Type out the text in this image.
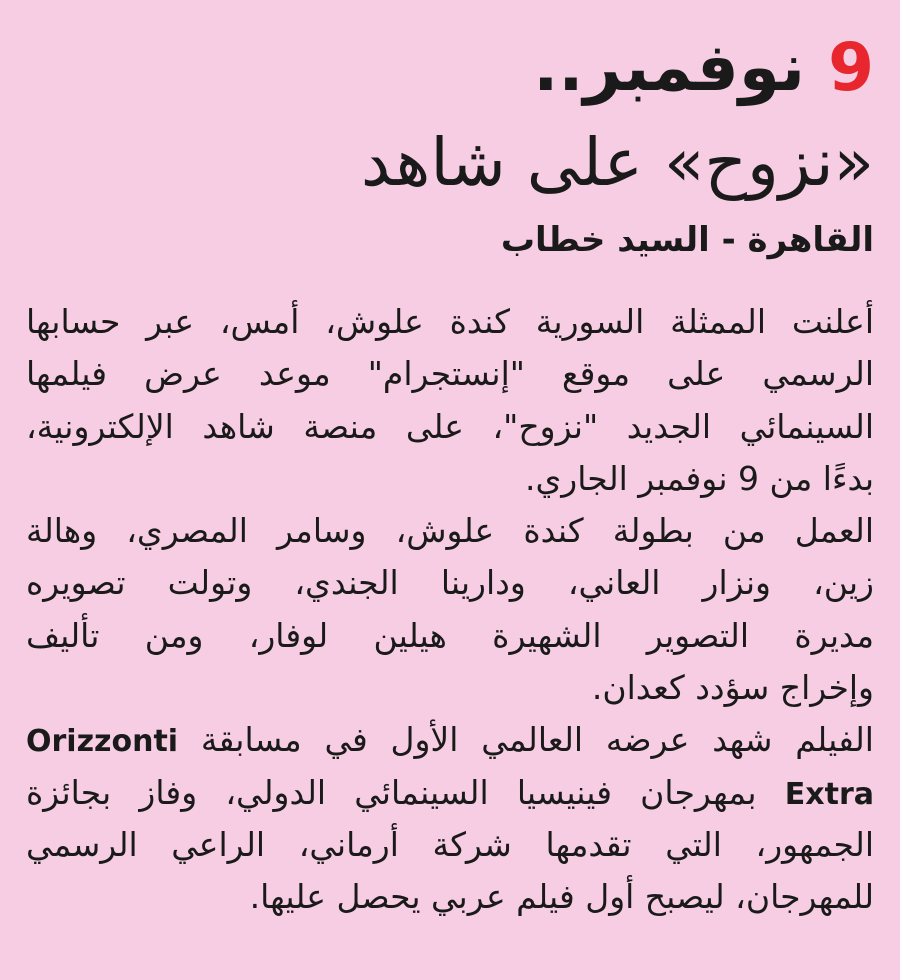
9 نوفمبر..
«نزوح» على شاهد
القاهرة - السيد خطاب

أعلنت الممثلة السورية كندة علوش، أمس، عبر حسابها
الرسمي على موقع "إنستجرام" موعد عرض فيلمها
السينمائي الجديد "نزوح"، على منصة شاهد الإلكترونية،
بدءًا من 9 نوفمبر الجاري.

العمل من بطولة كندة علوش، وسامر المصري، وهالة
زين، ونزار العاني، ودارينا الجندي، وتولت تصويره
مديرة التصوير الشهيرة هيلين لوفار، ومن تأليف
وإخراج سؤدد كعدان.

الفيلم شهد عرضه العالمي الأول في مسابقة Orizzonti
Extra بمهرجان فينيسيا السينمائي الدولي، وفاز بجائزة
الجمهور، التي تقدمها شركة أرماني، الراعي الرسمي
للمهرجان، ليصبح أول فيلم عربي يحصل عليها.
